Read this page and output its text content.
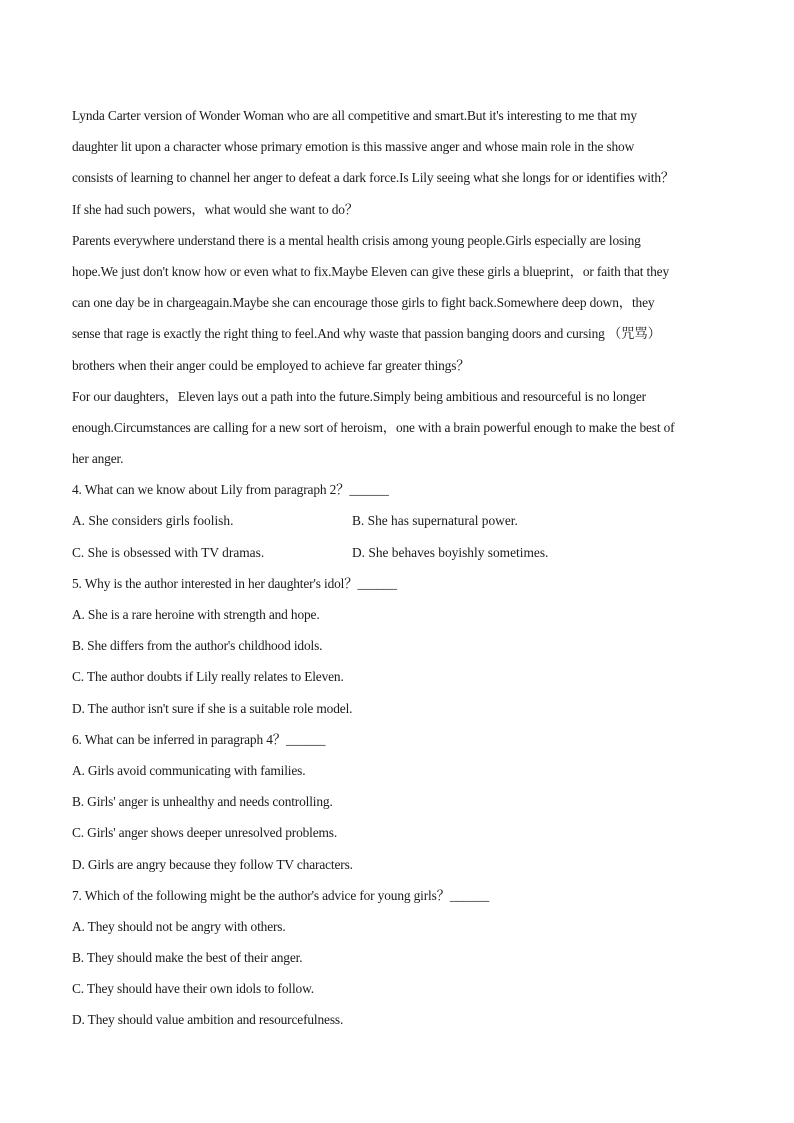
Lynda Carter version of Wonder Woman who are all competitive and smart.But it's interesting to me that my
daughter lit upon a character whose primary emotion is this massive anger and whose main role in the show
consists of learning to channel her anger to defeat a dark force.Is Lily seeing what she longs for or identifies with？
If she had such powers，what would she want to do？
Parents everywhere understand there is a mental health crisis among young people.Girls especially are losing
hope.We just don't know how or even what to fix.Maybe Eleven can give these girls a blueprint，or faith that they
can one day be in chargeagain.Maybe she can encourage those girls to fight back.Somewhere deep down，they
sense that rage is exactly the right thing to feel.And why waste that passion banging doors and cursing （咒骂）
brothers when their anger could be employed to achieve far greater things？
For our daughters，Eleven lays out a path into the future.Simply being ambitious and resourceful is no longer
enough.Circumstances are calling for a new sort of heroism，one with a brain powerful enough to make the best of
her anger.
4. What can we know about Lily from paragraph 2？______
A. She considers girls foolish.	B. She has supernatural power.
C. She is obsessed with TV dramas.	D. She behaves boyishly sometimes.
5. Why is the author interested in her daughter's idol？______
A. She is a rare heroine with strength and hope.
B. She differs from the author's childhood idols.
C. The author doubts if Lily really relates to Eleven.
D. The author isn't sure if she is a suitable role model.
6. What can be inferred in paragraph 4？______
A. Girls avoid communicating with families.
B. Girls' anger is unhealthy and needs controlling.
C. Girls' anger shows deeper unresolved problems.
D. Girls are angry because they follow TV characters.
7. Which of the following might be the author's advice for young girls？______
A. They should not be angry with others.
B. They should make the best of their anger.
C. They should have their own idols to follow.
D. They should value ambition and resourcefulness.
